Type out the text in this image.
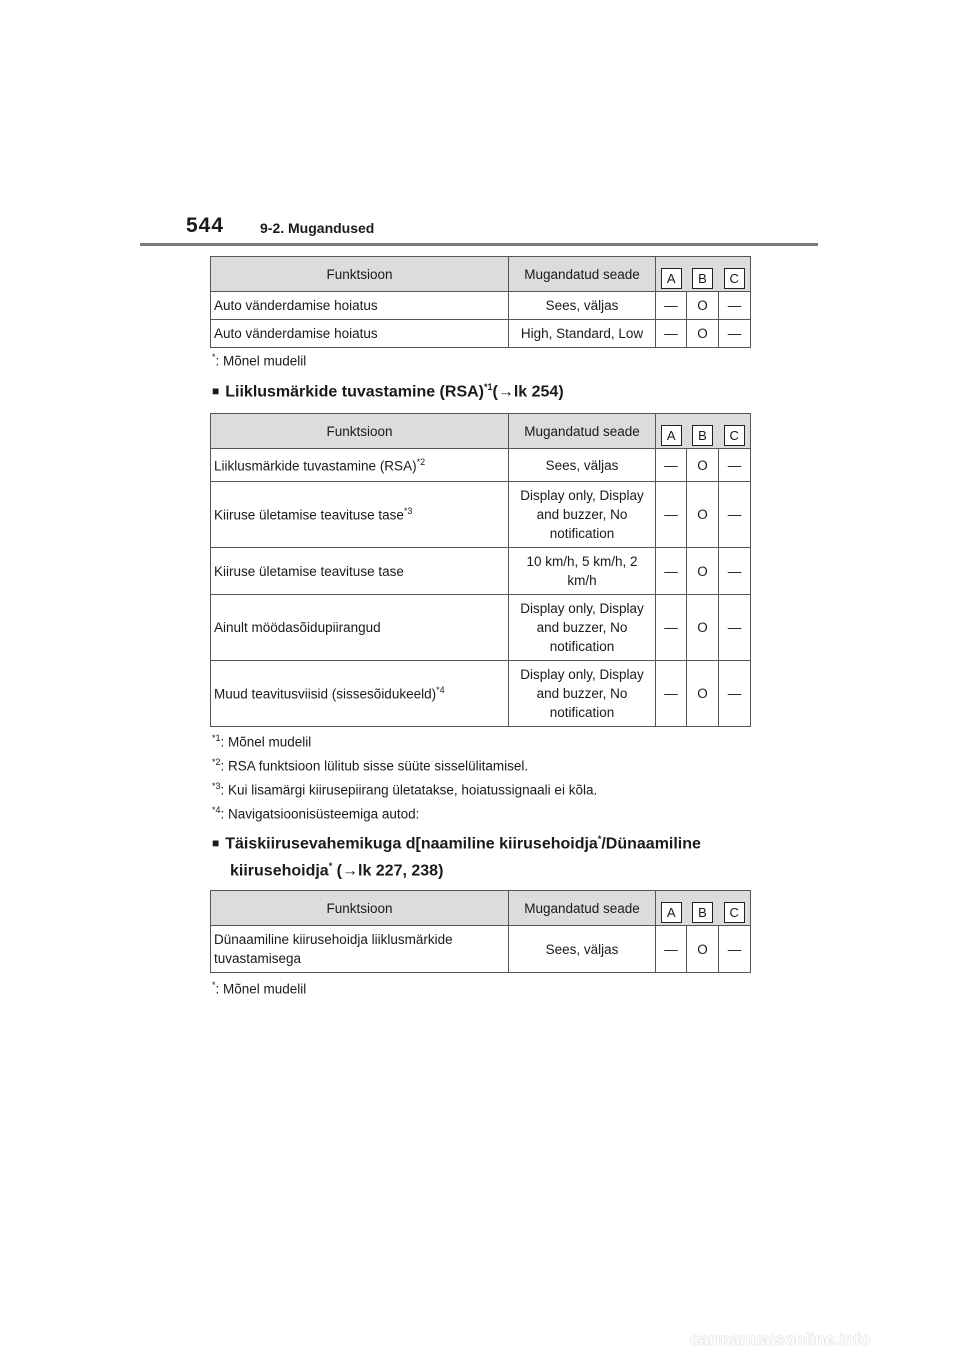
544	9-2. Mugandused
Funktsioon	Mugandatud seade	A	B	C
Auto vänderdamise hoiatus	Sees, väljas	—	O	—
Auto vänderdamise hoiatus	High, Standard, Low	—	O	—
*: Mõnel mudelil
■ Liiklusmärkide tuvastamine (RSA)$^{*1}$(→lk 254)
Funktsioon	Mugandatud seade	A	B	C
Liiklusmärkide tuvastamine (RSA)$^{*2}$	Sees, väljas	—	O	—
Kiiruse ületamise teavituse tase$^{*3}$	Display only, Display
and buzzer, No
notification	—	O	—
Kiiruse ületamise teavituse tase	10 km/h, 5 km/h, 2
km/h	—	O	—
Ainult möödasõidupiirangud	Display only, Display
and buzzer, No
notification	—	O	—
Muud teavitusviisid (sissesõidukeeld)$^{*4}$	Display only, Display
and buzzer, No
notification	—	O	—
$^{*1}$: Mõnel mudelil
$^{*2}$: RSA funktsioon lülitub sisse süüte sisselülitamisel.
$^{*3}$: Kui lisamärgi kiirusepiirang ületatakse, hoiatussignaali ei kõla.
$^{*4}$: Navigatsioonisüsteemiga autod:
■ Täiskiirusevahemikuga d[naamiline kiirusehoidja*/Dünaamiline
kiirusehoidja* (→lk 227, 238)
Funktsioon	Mugandatud seade	A	B	C
Dünaamiline kiirusehoidja liiklusmärkide
tuvastamisega	Sees, väljas	—	O	—
*: Mõnel mudelil
carmanualsonline.info
